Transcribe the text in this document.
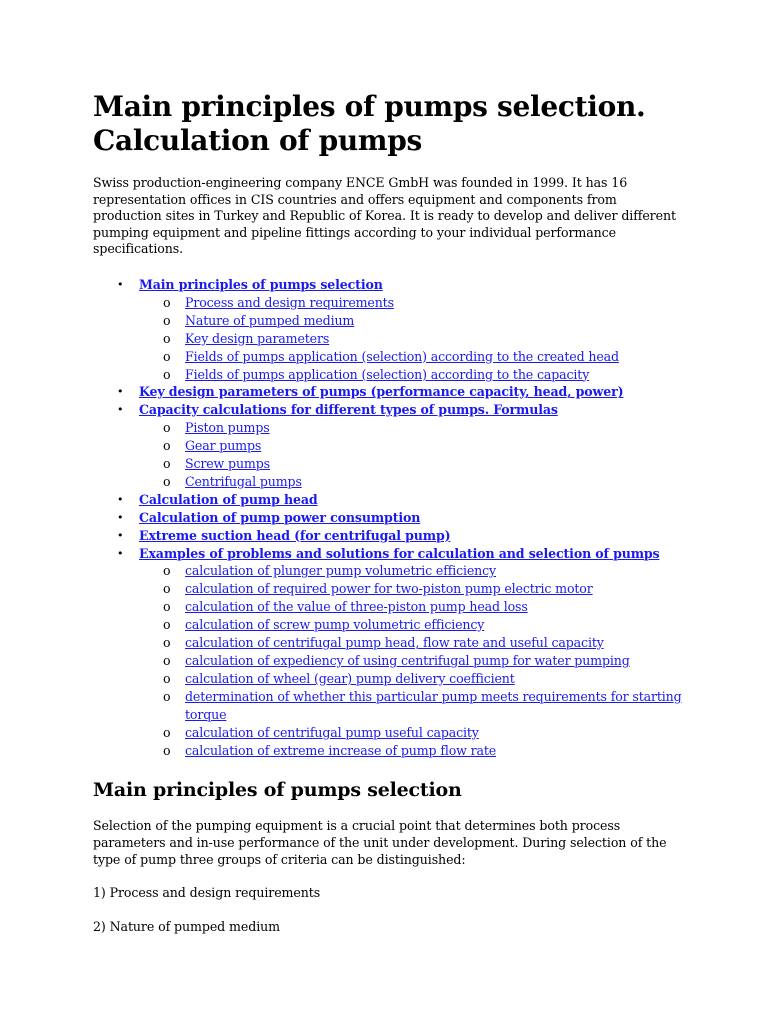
Main principles of pumps selection.
Calculation of pumps

Swiss production-engineering company ENCE GmbH was founded in 1999. It has 16 representation offices in CIS countries and offers equipment and components from production sites in Turkey and Republic of Korea. It is ready to develop and deliver different pumping equipment and pipeline fittings according to your individual performance specifications.

• Main principles of pumps selection
o Process and design requirements
o Nature of pumped medium
o Key design parameters
o Fields of pumps application (selection) according to the created head
o Fields of pumps application (selection) according to the capacity
• Key design parameters of pumps (performance capacity, head, power)
• Capacity calculations for different types of pumps. Formulas
o Piston pumps
o Gear pumps
o Screw pumps
o Centrifugal pumps
• Calculation of pump head
• Calculation of pump power consumption
• Extreme suction head (for centrifugal pump)
• Examples of problems and solutions for calculation and selection of pumps
o calculation of plunger pump volumetric efficiency
o calculation of required power for two-piston pump electric motor
o calculation of the value of three-piston pump head loss
o calculation of screw pump volumetric efficiency
o calculation of centrifugal pump head, flow rate and useful capacity
o calculation of expediency of using centrifugal pump for water pumping
o calculation of wheel (gear) pump delivery coefficient
o determination of whether this particular pump meets requirements for starting torque
o calculation of centrifugal pump useful capacity
o calculation of extreme increase of pump flow rate
Main principles of pumps selection

Selection of the pumping equipment is a crucial point that determines both process parameters and in-use performance of the unit under development. During selection of the type of pump three groups of criteria can be distinguished:

1) Process and design requirements

2) Nature of pumped medium
